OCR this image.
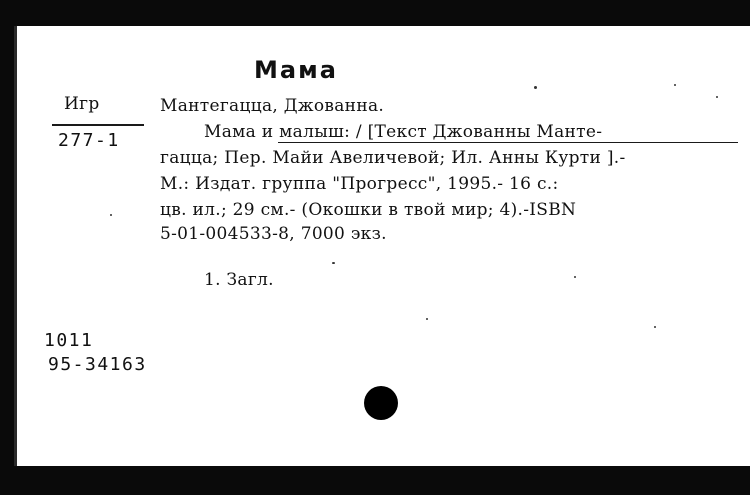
Мама
Игр
277-1
Мантегацца, Джованна.
Мама и малыш: / [Текст Джованны Манте-
гацца; Пер. Майи Авеличевой; Ил. Анны Курти ].-
М.: Издат. группа "Прогресс", 1995.- 16 с.:
цв. ил.; 29 см.- (Окошки в твой мир; 4).-ISBN
5-01-004533-8, 7000 экз.
1. Загл.
1011
95-34163
